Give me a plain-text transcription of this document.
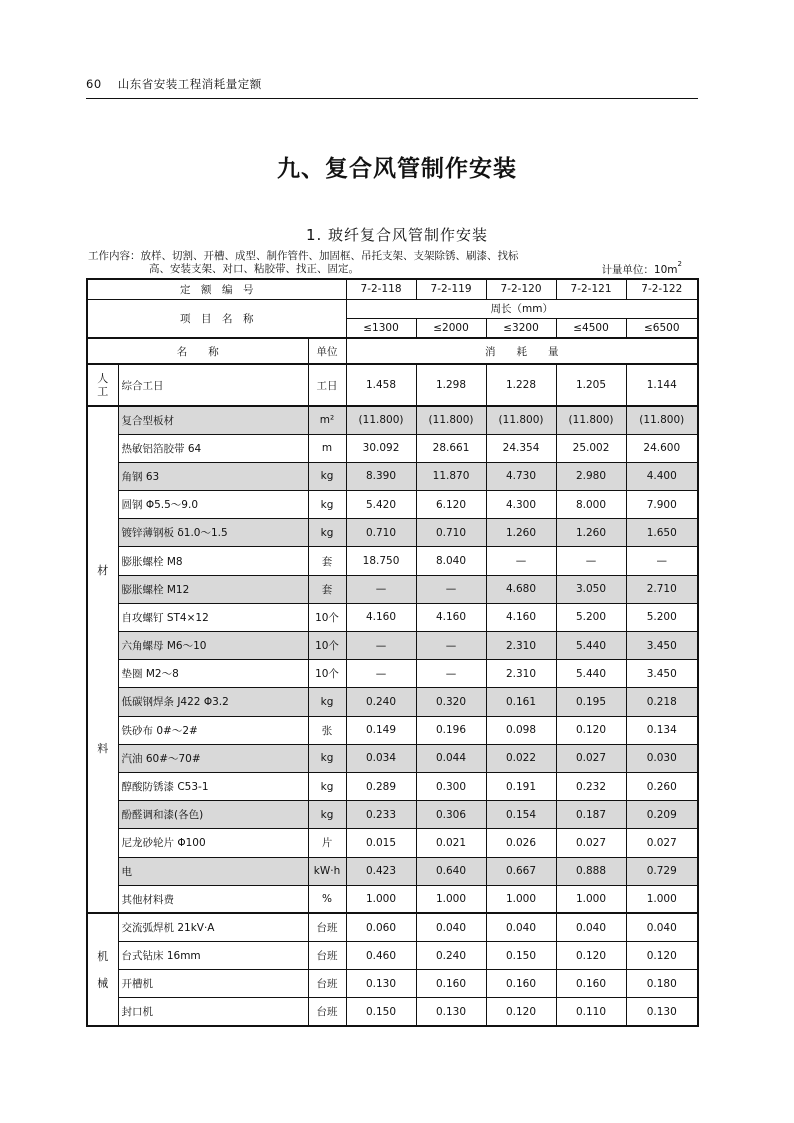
60 山东省安装工程消耗量定额
九、复合风管制作安装
1. 玻纤复合风管制作安装
工作内容：放样、切割、开槽、成型、制作管件、加固框、吊托支架、支架除锈、刷漆、找标
高、安装支架、对口、粘胶带、找正、固定。	计量单位：$10m^2$
定　额　编　号			7-2-118	7-2-119	7-2-120	7-2-121	7-2-122
项　目　名　称			周长（mm）				
			≤1300	≤2000	≤3200	≤4500	≤6500
名　　称		单位	消　　耗　　量				

人
工	综合工日	工日	1.458	1.298	1.228	1.205	1.144

材
料	复合型板材	m²	(11.800)	(11.800)	(11.800)	(11.800)	(11.800)
	热敏铝箔胶带 64	m	30.092	28.661	24.354	25.002	24.600
	角钢 63	kg	8.390	11.870	4.730	2.980	4.400
	圆钢 Φ5.5～9.0	kg	5.420	6.120	4.300	8.000	7.900
	镀锌薄钢板 δ1.0～1.5	kg	0.710	0.710	1.260	1.260	1.650
	膨胀螺栓 M8	套	18.750	8.040	—	—	—
	膨胀螺栓 M12	套	—	—	4.680	3.050	2.710
	自攻螺钉 ST4×12	10个	4.160	4.160	4.160	5.200	5.200
	六角螺母 M6～10	10个	—	—	2.310	5.440	3.450
	垫圈 M2～8	10个	—	—	2.310	5.440	3.450
	低碳钢焊条 J422 Φ3.2	kg	0.240	0.320	0.161	0.195	0.218
	铁砂布 0#～2#	张	0.149	0.196	0.098	0.120	0.134
	汽油 60#～70#	kg	0.034	0.044	0.022	0.027	0.030
	醇酸防锈漆 C53-1	kg	0.289	0.300	0.191	0.232	0.260
	酚醛调和漆(各色)	kg	0.233	0.306	0.154	0.187	0.209
	尼龙砂轮片 Φ100	片	0.015	0.021	0.026	0.027	0.027
	电	kW·h	0.423	0.640	0.667	0.888	0.729
	其他材料费	%	1.000	1.000	1.000	1.000	1.000

机
械	交流弧焊机 21kV·A	台班	0.060	0.040	0.040	0.040	0.040
	台式钻床 16mm	台班	0.460	0.240	0.150	0.120	0.120
	开槽机	台班	0.130	0.160	0.160	0.160	0.180
	封口机	台班	0.150	0.130	0.120	0.110	0.130
